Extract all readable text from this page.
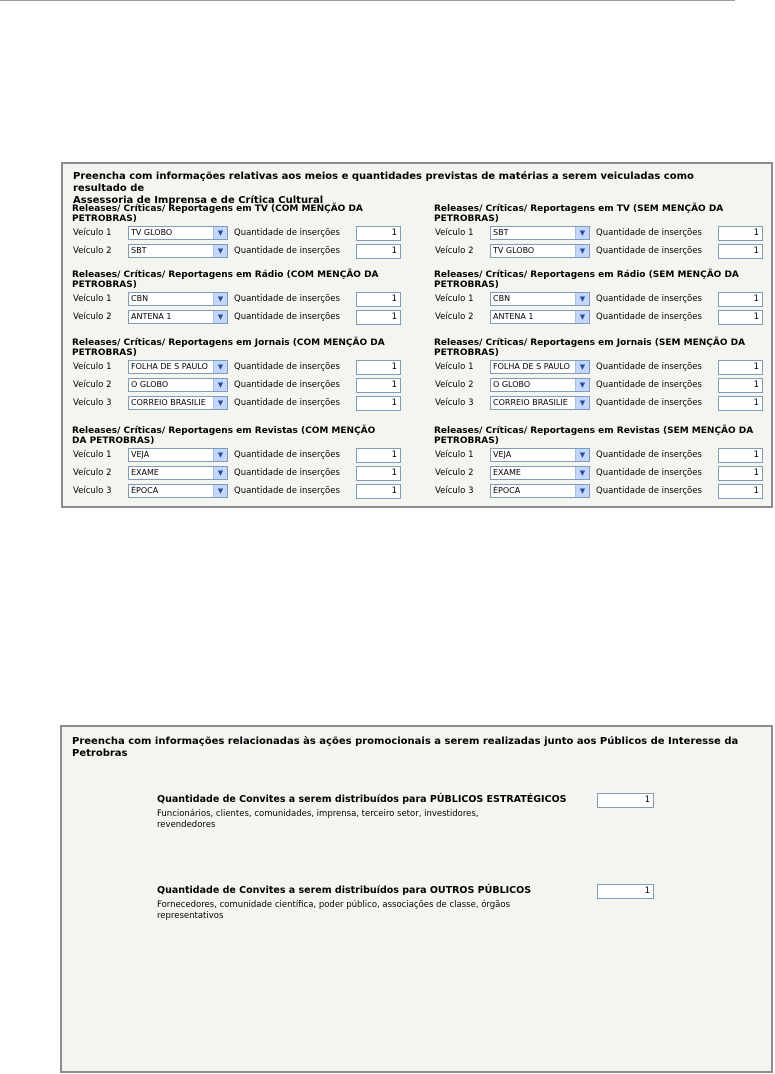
Preencha com informações relativas aos meios e quantidades previstas de matérias a serem veiculadas como resultado de
Assessoria de Imprensa e de Crítica Cultural
Releases/ Críticas/ Reportagens em TV (COM MENÇÃO DA PETROBRAS)
Veículo 1	TV GLOBO	▼	Quantidade de inserções	1
Veículo 2	SBT	▼	Quantidade de inserções	1
Releases/ Críticas/ Reportagens em TV (SEM MENÇÃO DA PETROBRAS)
Veículo 1	SBT	▼	Quantidade de inserções	1
Veículo 2	TV GLOBO	▼	Quantidade de inserções	1
Releases/ Críticas/ Reportagens em Rádio (COM MENÇÃO DA PETROBRAS)
Veículo 1	CBN	▼	Quantidade de inserções	1
Veículo 2	ANTENA 1	▼	Quantidade de inserções	1
Releases/ Críticas/ Reportagens em Rádio (SEM MENÇÃO DA PETROBRAS)
Veículo 1	CBN	▼	Quantidade de inserções	1
Veículo 2	ANTENA 1	▼	Quantidade de inserções	1
Releases/ Críticas/ Reportagens em Jornais (COM MENÇÃO DA PETROBRAS)
Veículo 1	FOLHA DE S PAULO	▼	Quantidade de inserções	1
Veículo 2	O GLOBO	▼	Quantidade de inserções	1
Veículo 3	CORREIO BRASILIE	▼	Quantidade de inserções	1
Releases/ Críticas/ Reportagens em Jornais (SEM MENÇÃO DA PETROBRAS)
Veículo 1	FOLHA DE S PAULO	▼	Quantidade de inserções	1
Veículo 2	O GLOBO	▼	Quantidade de inserções	1
Veículo 3	CORREIO BRASILIE	▼	Quantidade de inserções	1
Releases/ Críticas/ Reportagens em Revistas (COM MENÇÃO DA PETROBRAS)
Veículo 1	VEJA	▼	Quantidade de inserções	1
Veículo 2	EXAME	▼	Quantidade de inserções	1
Veículo 3	ÉPOCA	▼	Quantidade de inserções	1
Releases/ Críticas/ Reportagens em Revistas (SEM MENÇÃO DA PETROBRAS)
Veículo 1	VEJA	▼	Quantidade de inserções	1
Veículo 2	EXAME	▼	Quantidade de inserções	1
Veículo 3	ÉPOCA	▼	Quantidade de inserções	1
Preencha com informações relacionadas às ações promocionais a serem realizadas junto aos Públicos de Interesse da Petrobras
Quantidade de Convites a serem distribuídos para PÚBLICOS ESTRATÉGICOS
Funcionários, clientes, comunidades, imprensa, terceiro setor, investidores, revendedores
1
Quantidade de Convites a serem distribuídos para OUTROS PÚBLICOS
Fornecedores, comunidade científica, poder público, associações de classe, órgãos representativos
1
